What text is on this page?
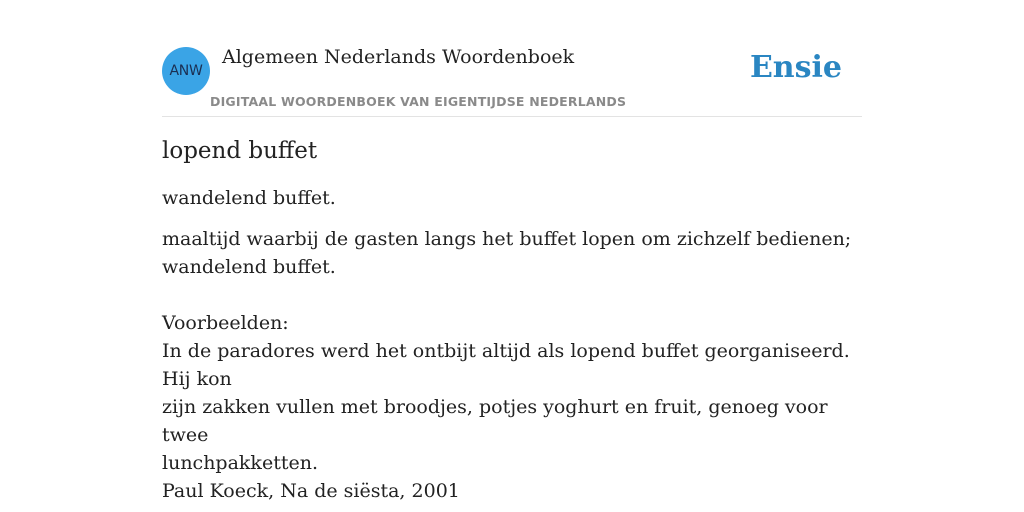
ANW
Algemeen Nederlands Woordenboek
DIGITAAL WOORDENBOEK VAN EIGENTIJDSE NEDERLANDS
Ensie
lopend buffet
wandelend buffet.
maaltijd waarbij de gasten langs het buffet lopen om zichzelf bedienen;
wandelend buffet.
Voorbeelden:
In de paradores werd het ontbijt altijd als lopend buffet georganiseerd. Hij kon
zijn zakken vullen met broodjes, potjes yoghurt en fruit, genoeg voor twee
lunchpakketten.
Paul Koeck, Na de siësta, 2001
